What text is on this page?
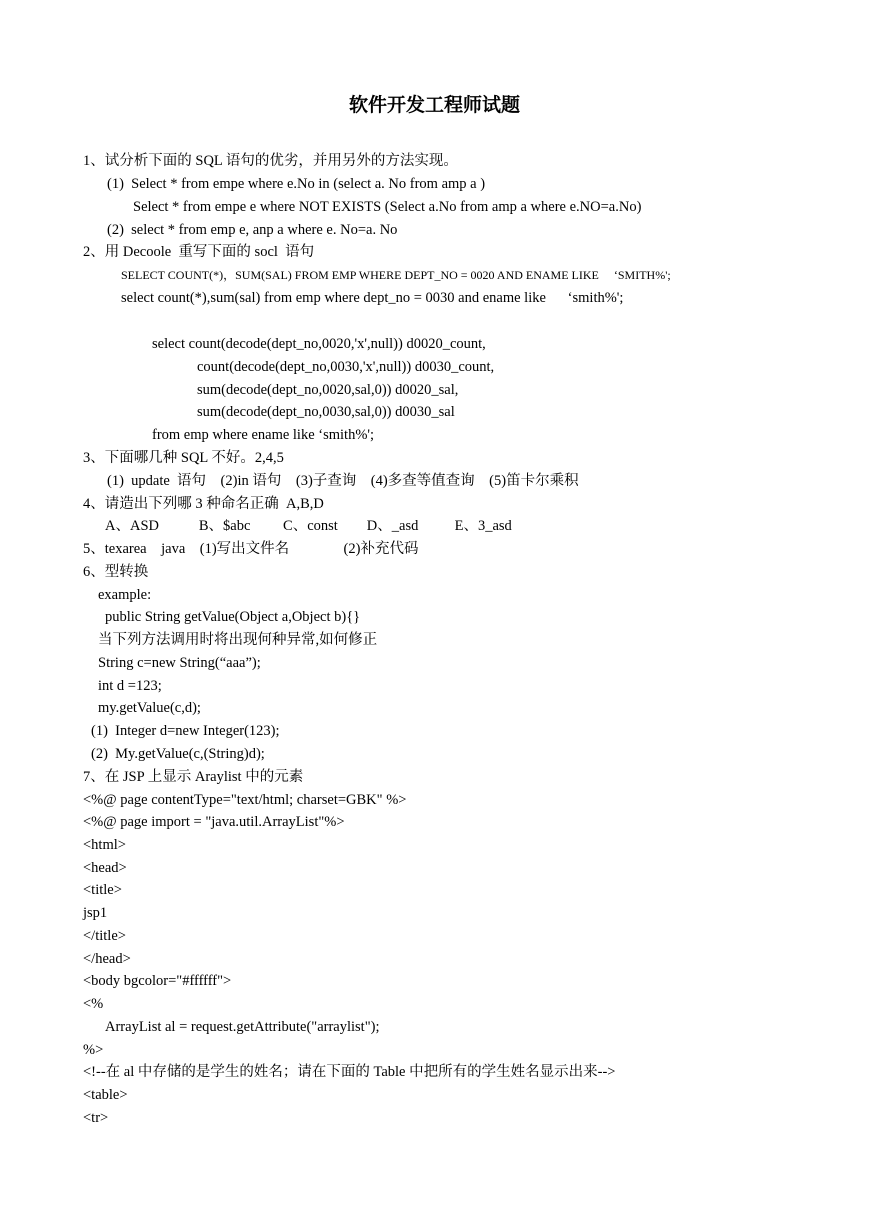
软件开发工程师试题
1、试分析下面的 SQL 语句的优劣，并用另外的方法实现。
(1)  Select * from empe where e.No in (select a. No from amp a )
Select * from empe e where NOT EXISTS (Select a.No from amp a where e.NO=a.No)
(2)  select * from emp e, anp a where e. No=a. No
2、用 Decoole  重写下面的 socl  语句
SELECT COUNT(*)，SUM(SAL) FROM EMP WHERE DEPT_NO = 0020 AND ENAME LIKE     ‘SMITH%';
select count(*),sum(sal) from emp where dept_no = 0030 and ename like      ‘smith%';
select count(decode(dept_no,0020,'x',null)) d0020_count,
count(decode(dept_no,0030,'x',null)) d0030_count,
sum(decode(dept_no,0020,sal,0)) d0020_sal,
sum(decode(dept_no,0030,sal,0)) d0030_sal
from emp where ename like ‘smith%';
3、下面哪几种 SQL 不好。2,4,5
(1)  update  语句    (2)in 语句    (3)子查询    (4)多查等值查询    (5)笛卡尔乘积
4、请造出下列哪 3 种命名正确  A,B,D
A、ASD           B、$abc         C、const        D、_asd          E、3_asd
5、texarea    java    (1)写出文件名               (2)补充代码
6、型转换
example:
public String getValue(Object a,Object b){}
当下列方法调用时将出现何种异常,如何修正
String c=new String(“aaa”);
int d =123;
my.getValue(c,d);
(1)  Integer d=new Integer(123);
(2)  My.getValue(c,(String)d);
7、在 JSP 上显示 Araylist 中的元素
<%@ page contentType="text/html; charset=GBK" %>
<%@ page import = "java.util.ArrayList"%>
<html>
<head>
<title>
jsp1
</title>
</head>
<body bgcolor="#ffffff">
<%
ArrayList al = request.getAttribute("arraylist");
%>
<!--在 al 中存储的是学生的姓名；请在下面的 Table 中把所有的学生姓名显示出来-->
<table>
<tr>
